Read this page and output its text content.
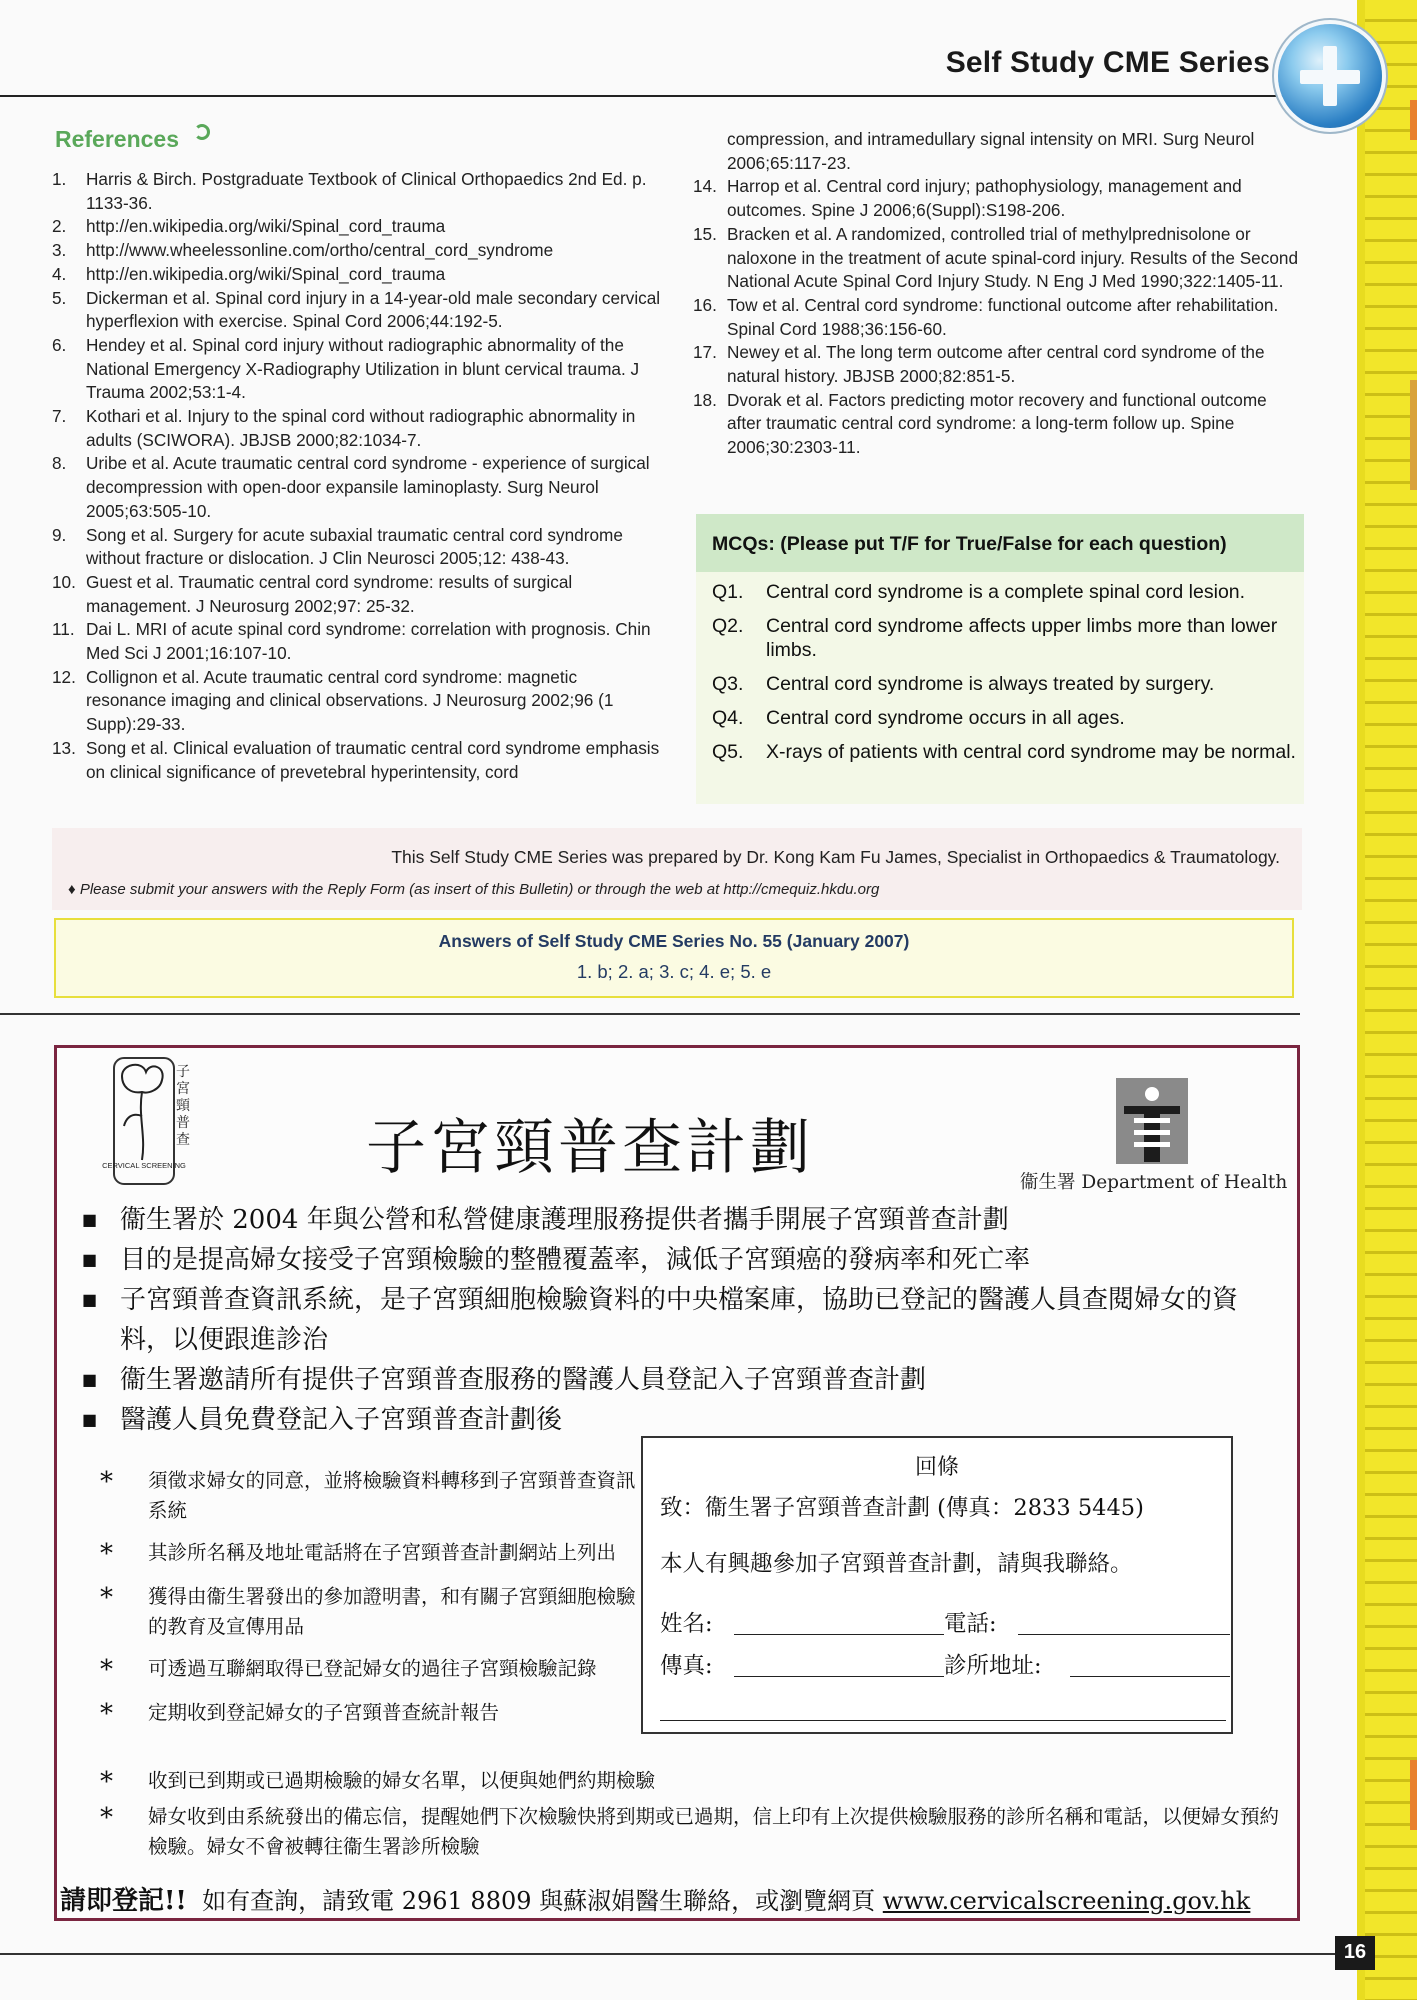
Self Study CME Series
References
1.	Harris & Birch. Postgraduate Textbook of Clinical Orthopaedics 2nd Ed. p. 1133-36.
2.	http://en.wikipedia.org/wiki/Spinal_cord_trauma
3.	http://www.wheelessonline.com/ortho/central_cord_syndrome
4.	http://en.wikipedia.org/wiki/Spinal_cord_trauma
5.	Dickerman et al. Spinal cord injury in a 14-year-old male secondary cervical hyperflexion with exercise. Spinal Cord 2006;44:192-5.
6.	Hendey et al. Spinal cord injury without radiographic abnormality of the National Emergency X-Radiography Utilization in blunt cervical trauma. J Trauma 2002;53:1-4.
7.	Kothari et al. Injury to the spinal cord without radiographic abnormality in adults (SCIWORA). JBJSB 2000;82:1034-7.
8.	Uribe et al. Acute traumatic central cord syndrome - experience of surgical decompression with open-door expansile laminoplasty. Surg Neurol 2005;63:505-10.
9.	Song et al. Surgery for acute subaxial traumatic central cord syndrome without fracture or dislocation. J Clin Neurosci 2005;12: 438-43.
10. Guest et al. Traumatic central cord syndrome: results of surgical management. J Neurosurg 2002;97: 25-32.
11. Dai L. MRI of acute spinal cord syndrome: correlation with prognosis. Chin Med Sci J 2001;16:107-10.
12. Collignon et al. Acute traumatic central cord syndrome: magnetic resonance imaging and clinical observations. J Neurosurg 2002;96 (1 Supp):29-33.
13. Song et al. Clinical evaluation of traumatic central cord syndrome emphasis on clinical significance of prevetebral hyperintensity, cord
compression, and intramedullary signal intensity on MRI. Surg Neurol 2006;65:117-23.
14. Harrop et al. Central cord injury; pathophysiology, management and outcomes. Spine J 2006;6(Suppl):S198-206.
15. Bracken et al. A randomized, controlled trial of methylprednisolone or naloxone in the treatment of acute spinal-cord injury. Results of the Second National Acute Spinal Cord Injury Study. N Eng J Med 1990;322:1405-11.
16. Tow et al. Central cord syndrome: functional outcome after rehabilitation. Spinal Cord 1988;36:156-60.
17. Newey et al. The long term outcome after central cord syndrome of the natural history. JBJSB 2000;82:851-5.
18. Dvorak et al. Factors predicting motor recovery and functional outcome after traumatic central cord syndrome: a long-term follow up. Spine 2006;30:2303-11.
MCQs: (Please put T/F for True/False for each question)
Q1.	Central cord syndrome is a complete spinal cord lesion.
Q2.	Central cord syndrome affects upper limbs more than lower limbs.
Q3.	Central cord syndrome is always treated by surgery.
Q4.	Central cord syndrome occurs in all ages.
Q5.	X-rays of patients with central cord syndrome may be normal.
This Self Study CME Series was prepared by Dr. Kong Kam Fu James, Specialist in Orthopaedics & Traumatology.
♦ Please submit your answers with the Reply Form (as insert of this Bulletin) or through the web at http://cmequiz.hkdu.org
Answers of Self Study CME Series No. 55 (January 2007)
1. b; 2. a; 3. c; 4. e; 5. e
CERVICAL SCREENING
子宮頸普查	子宮頸普查計劃	衞生署 Department of Health
■ 衞生署於 2004 年與公營和私營健康護理服務提供者攜手開展子宮頸普查計劃
■ 目的是提高婦女接受子宮頸檢驗的整體覆蓋率，減低子宮頸癌的發病率和死亡率
■ 子宮頸普查資訊系統，是子宮頸細胞檢驗資料的中央檔案庫，協助已登記的醫護人員查閱婦女的資料，以便跟進診治
■ 衞生署邀請所有提供子宮頸普查服務的醫護人員登記入子宮頸普查計劃
■ 醫護人員免費登記入子宮頸普查計劃後
*	須徵求婦女的同意，並將檢驗資料轉移到子宮頸普查資訊系統
*	其診所名稱及地址電話將在子宮頸普查計劃網站上列出
*	獲得由衞生署發出的參加證明書，和有關子宮頸細胞檢驗的教育及宣傳用品
*	可透過互聯網取得已登記婦女的過往子宮頸檢驗記錄
*	定期收到登記婦女的子宮頸普查統計報告
*	收到已到期或已過期檢驗的婦女名單，以便與她們約期檢驗
*	婦女收到由系統發出的備忘信，提醒她們下次檢驗快將到期或已過期，信上印有上次提供檢驗服務的診所名稱和電話，以便婦女預約檢驗。婦女不會被轉往衞生署診所檢驗
回條
致：衞生署子宮頸普查計劃 (傳真：2833 5445)
本人有興趣參加子宮頸普查計劃，請與我聯絡。
姓名:	電話:
傳真:	診所地址:
請即登記!! 如有查詢，請致電 2961 8809 與蘇淑娟醫生聯絡，或瀏覽網頁 www.cervicalscreening.gov.hk
16
